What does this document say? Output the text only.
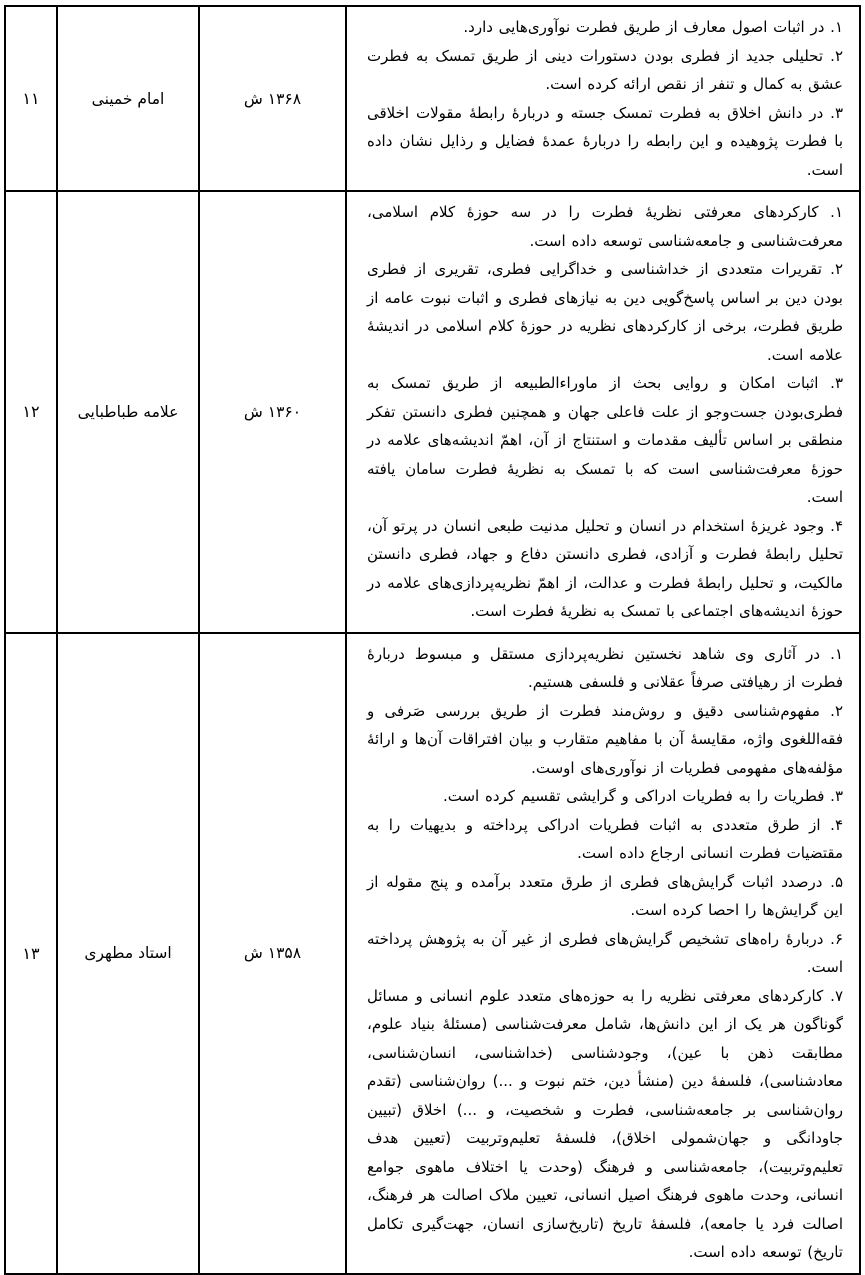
۱. در اثبات اصول معارف از طریق فطرت نوآوری‌هایی دارد.

۲. تحلیلی جدید از فطری بودن دستورات دینی از طریق تمسک به فطرت عشق به کمال و تنفر از نقص ارائه کرده است.

۳. در دانش اخلاق به فطرت تمسک جسته و دربارهٔ رابطهٔ مقولات اخلاقی با فطرت پژوهیده و این رابطه را دربارهٔ عمدهٔ فضایل و رذایل نشان داده است.	۱۳۶۸ ش	امام خمینی	۱۱

۱. کارکردهای معرفتی نظریهٔ فطرت را در سه حوزهٔ کلام اسلامی، معرفت‌شناسی و جامعه‌شناسی توسعه داده است.

۲. تقریرات متعددی از خداشناسی و خداگرایی فطری، تقریری از فطری بودن دین بر اساس پاسخ‌گویی دین به نیازهای فطری و اثبات نبوت عامه از طریق فطرت، برخی از کارکردهای نظریه در حوزهٔ کلام اسلامی در اندیشهٔ علامه است.

۳. اثبات امکان و روایی بحث از ماوراءالطبیعه از طریق تمسک به فطری‌بودن جست‌وجو از علت فاعلی جهان و همچنین فطری دانستن تفکر منطقی بر اساس تألیف مقدمات و استنتاج از آن، اهمّ اندیشه‌های علامه در حوزهٔ معرفت‌شناسی است که با تمسک به نظریهٔ فطرت سامان یافته است.

۴. وجود غریزهٔ استخدام در انسان و تحلیل مدنیت طبعی انسان در پرتو آن، تحلیل رابطهٔ فطرت و آزادی، فطری دانستن دفاع و جهاد، فطری دانستن مالکیت، و تحلیل رابطهٔ فطرت و عدالت، از اهمّ نظریه‌پردازی‌های علامه در حوزهٔ اندیشه‌های اجتماعی با تمسک به نظریهٔ فطرت است.	۱۳۶۰ ش	علامه طباطبایی	۱۲

۱. در آثاری وی شاهد نخستین نظریه‌پردازی مستقل و مبسوط دربارهٔ فطرت از رهیافتی صرفاً عقلانی و فلسفی هستیم.

۲. مفهوم‌شناسی دقیق و روش‌مند فطرت از طریق بررسی صَرفی و فقه‌اللغوی واژه، مقایسهٔ آن با مفاهیم متقارب و بیان افتراقات آن‌ها و ارائهٔ مؤلفه‌های مفهومی فطریات از نوآوری‌های اوست.

۳. فطریات را به فطریات ادراکی و گرایشی تقسیم کرده است.

۴. از طرق متعددی به اثبات فطریات ادراکی پرداخته و بدیهیات را به مقتضیات فطرت انسانی ارجاع داده است.

۵. درصدد اثبات گرایش‌های فطری از طرق متعدد برآمده و پنج مقوله از این گرایش‌ها را احصا کرده است.

۶. دربارهٔ راه‌های تشخیص گرایش‌های فطری از غیر آن به پژوهش پرداخته است.

۷. کارکردهای معرفتی نظریه را به حوزه‌های متعدد علوم انسانی و مسائل گوناگون هر یک از این دانش‌ها، شامل معرفت‌شناسی (مسئلهٔ بنیاد علوم، مطابقت ذهن با عین)، وجودشناسی (خداشناسی، انسان‌شناسی، معادشناسی)، فلسفهٔ دین (منشأ دین، ختم نبوت و ...) روان‌شناسی (تقدم روان‌شناسی بر جامعه‌شناسی، فطرت و شخصیت، و ...) اخلاق (تبیین جاودانگی و جهان‌شمولی اخلاق)، فلسفهٔ تعلیم‌وتربیت (تعیین هدف تعلیم‌وتربیت)، جامعه‌شناسی و فرهنگ (وحدت یا اختلاف ماهوی جوامع انسانی، وحدت ماهوی فرهنگ اصیل انسانی، تعیین ملاک اصالت هر فرهنگ، اصالت فرد یا جامعه)، فلسفهٔ تاریخ (تاریخ‌سازی انسان، جهت‌گیری تکامل تاریخ) توسعه داده است.

	۱۳۵۸ ش	استاد مطهری	۱۳
